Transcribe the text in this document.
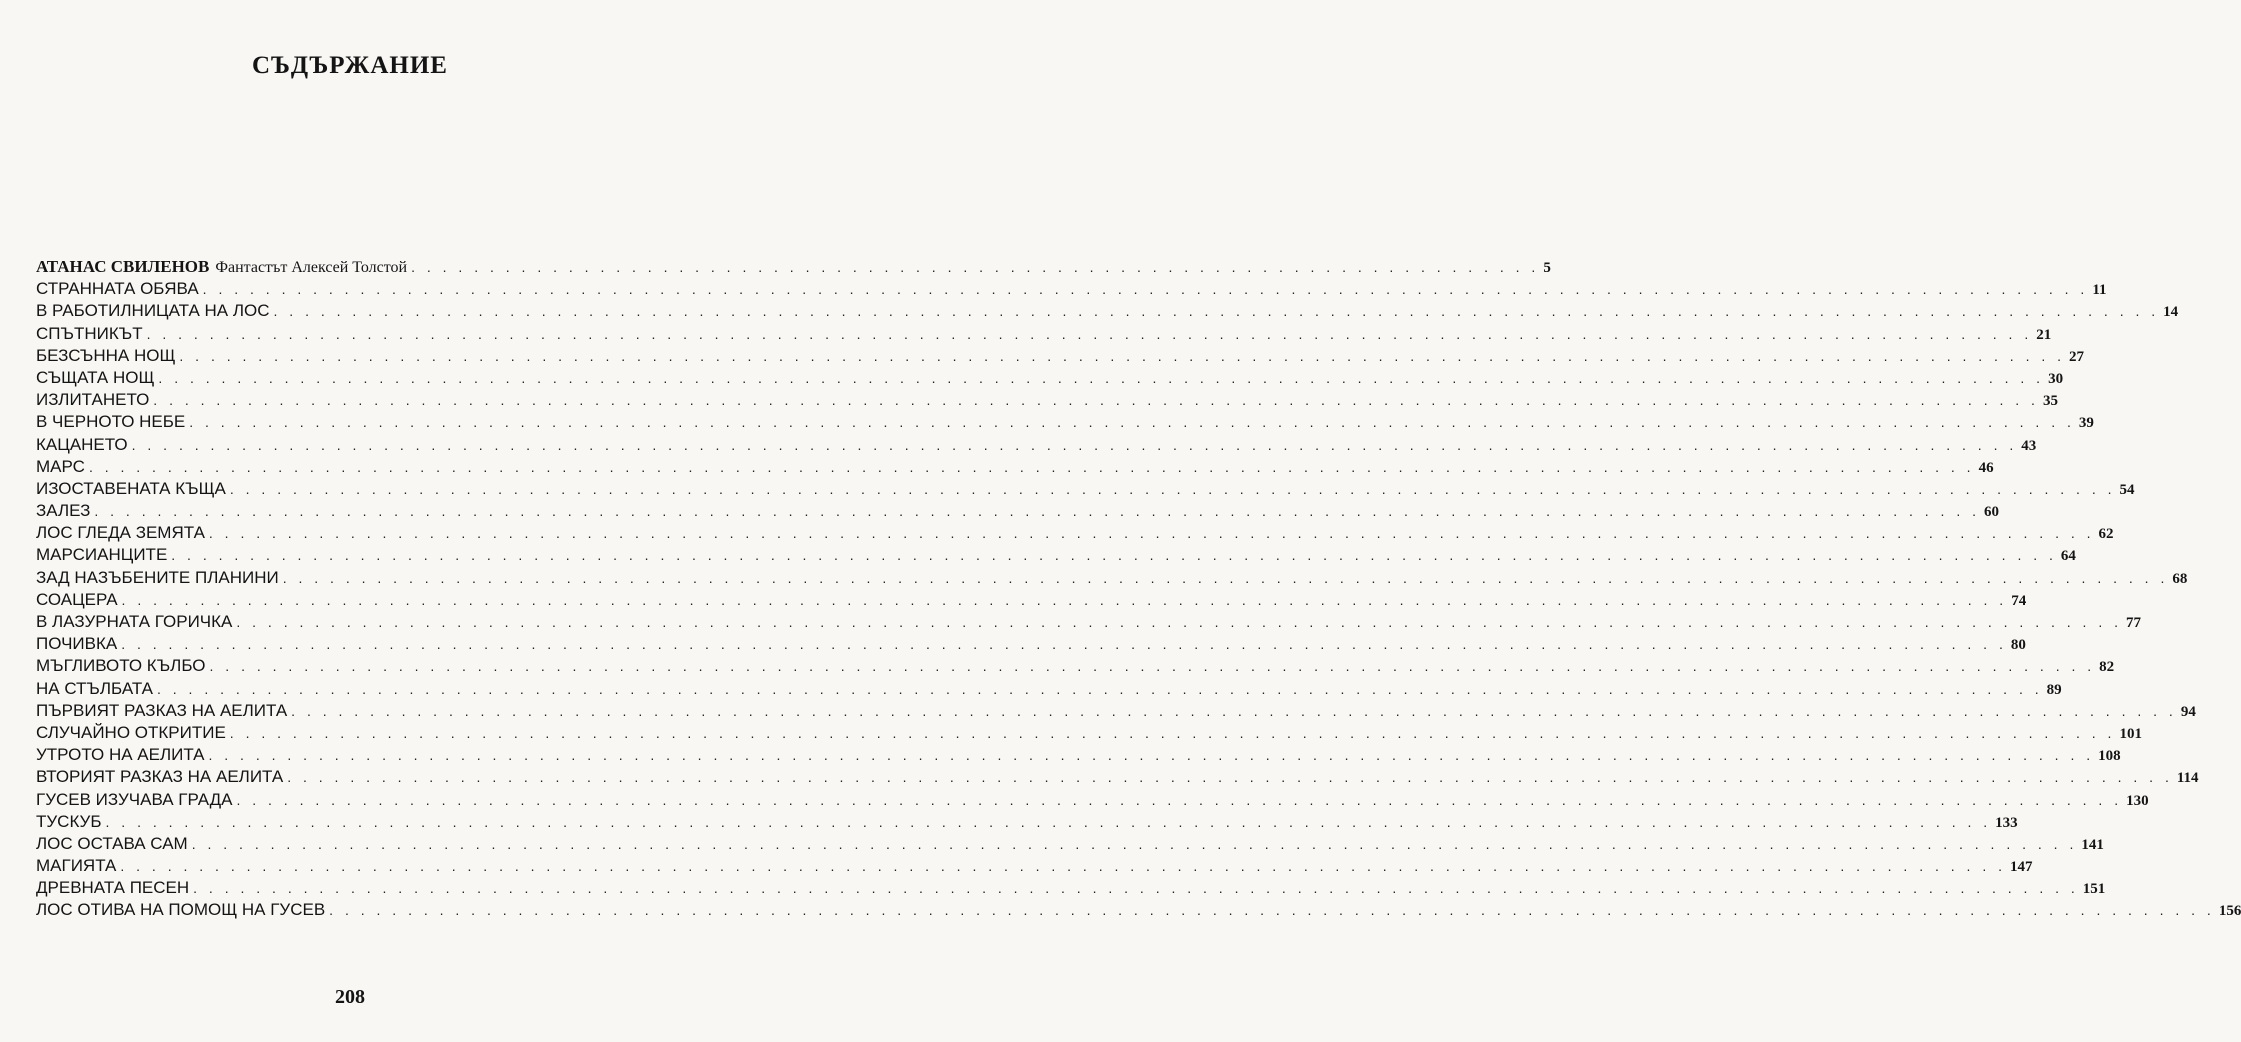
СЪДЪРЖАНИЕ
АТАНАС СВИЛЕНОВ Фантастът Алексей Толстой . . . . . . . . . . . . . . . . . . . . . . . . . . . . . . . . . . . . . . . . . . . . . . . . . . . . . . . . . . . . . . . . . . . . . . . . 5
СТРАННАТА ОБЯВА . . . . . . . . . . . . . . . . . . . . . . . . . . . . . . . . . . . . . . . . . . . . . . . . . . . . . . . . . . . . . . . . . . . . . . . . . . . . . . . . . . . . . . . . . . . . . . . . . . . . . . . . . . . . . . . . . . . . . . . . 11
В РАБОТИЛНИЦАТА НА ЛОС . . . . . . . . . . . . . . . . . . . . . . . . . . . . . . . . . . . . . . . . . . . . . . . . . . . . . . . . . . . . . . . . . . . . . . . . . . . . . . . . . . . . . . . . . . . . . . . . . . . . . . . . . . . . . . . . . . . . . . . . 14
СПЪТНИКЪТ . . . . . . . . . . . . . . . . . . . . . . . . . . . . . . . . . . . . . . . . . . . . . . . . . . . . . . . . . . . . . . . . . . . . . . . . . . . . . . . . . . . . . . . . . . . . . . . . . . . . . . . . . . . . . . . . . . . . . . . . 21
БЕЗСЪННА НОЩ . . . . . . . . . . . . . . . . . . . . . . . . . . . . . . . . . . . . . . . . . . . . . . . . . . . . . . . . . . . . . . . . . . . . . . . . . . . . . . . . . . . . . . . . . . . . . . . . . . . . . . . . . . . . . . . . . . . . . . . . 27
СЪЩАТА НОЩ . . . . . . . . . . . . . . . . . . . . . . . . . . . . . . . . . . . . . . . . . . . . . . . . . . . . . . . . . . . . . . . . . . . . . . . . . . . . . . . . . . . . . . . . . . . . . . . . . . . . . . . . . . . . . . . . . . . . . . . . 30
ИЗЛИТАНЕТО . . . . . . . . . . . . . . . . . . . . . . . . . . . . . . . . . . . . . . . . . . . . . . . . . . . . . . . . . . . . . . . . . . . . . . . . . . . . . . . . . . . . . . . . . . . . . . . . . . . . . . . . . . . . . . . . . . . . . . . . 35
В ЧЕРНОТО НЕБЕ . . . . . . . . . . . . . . . . . . . . . . . . . . . . . . . . . . . . . . . . . . . . . . . . . . . . . . . . . . . . . . . . . . . . . . . . . . . . . . . . . . . . . . . . . . . . . . . . . . . . . . . . . . . . . . . . . . . . . . . . 39
КАЦАНЕТО . . . . . . . . . . . . . . . . . . . . . . . . . . . . . . . . . . . . . . . . . . . . . . . . . . . . . . . . . . . . . . . . . . . . . . . . . . . . . . . . . . . . . . . . . . . . . . . . . . . . . . . . . . . . . . . . . . . . . . . . 43
МАРС . . . . . . . . . . . . . . . . . . . . . . . . . . . . . . . . . . . . . . . . . . . . . . . . . . . . . . . . . . . . . . . . . . . . . . . . . . . . . . . . . . . . . . . . . . . . . . . . . . . . . . . . . . . . . . . . . . . . . . . . 46
ИЗОСТАВЕНАТА КЪЩА . . . . . . . . . . . . . . . . . . . . . . . . . . . . . . . . . . . . . . . . . . . . . . . . . . . . . . . . . . . . . . . . . . . . . . . . . . . . . . . . . . . . . . . . . . . . . . . . . . . . . . . . . . . . . . . . . . . . . . . . 54
ЗАЛЕЗ . . . . . . . . . . . . . . . . . . . . . . . . . . . . . . . . . . . . . . . . . . . . . . . . . . . . . . . . . . . . . . . . . . . . . . . . . . . . . . . . . . . . . . . . . . . . . . . . . . . . . . . . . . . . . . . . . . . . . . . . 60
ЛОС ГЛЕДА ЗЕМЯТА . . . . . . . . . . . . . . . . . . . . . . . . . . . . . . . . . . . . . . . . . . . . . . . . . . . . . . . . . . . . . . . . . . . . . . . . . . . . . . . . . . . . . . . . . . . . . . . . . . . . . . . . . . . . . . . . . . . . . . . . 62
МАРСИАНЦИТЕ . . . . . . . . . . . . . . . . . . . . . . . . . . . . . . . . . . . . . . . . . . . . . . . . . . . . . . . . . . . . . . . . . . . . . . . . . . . . . . . . . . . . . . . . . . . . . . . . . . . . . . . . . . . . . . . . . . . . . . . . 64
ЗАД НАЗЪБЕНИТЕ ПЛАНИНИ . . . . . . . . . . . . . . . . . . . . . . . . . . . . . . . . . . . . . . . . . . . . . . . . . . . . . . . . . . . . . . . . . . . . . . . . . . . . . . . . . . . . . . . . . . . . . . . . . . . . . . . . . . . . . . . . . . . . . . . . 68
СОАЦЕРА . . . . . . . . . . . . . . . . . . . . . . . . . . . . . . . . . . . . . . . . . . . . . . . . . . . . . . . . . . . . . . . . . . . . . . . . . . . . . . . . . . . . . . . . . . . . . . . . . . . . . . . . . . . . . . . . . . . . . . . . 74
В ЛАЗУРНАТА ГОРИЧКА . . . . . . . . . . . . . . . . . . . . . . . . . . . . . . . . . . . . . . . . . . . . . . . . . . . . . . . . . . . . . . . . . . . . . . . . . . . . . . . . . . . . . . . . . . . . . . . . . . . . . . . . . . . . . . . . . . . . . . . . 77
ПОЧИВКА . . . . . . . . . . . . . . . . . . . . . . . . . . . . . . . . . . . . . . . . . . . . . . . . . . . . . . . . . . . . . . . . . . . . . . . . . . . . . . . . . . . . . . . . . . . . . . . . . . . . . . . . . . . . . . . . . . . . . . . . 80
МЪГЛИВОТО КЪЛБО . . . . . . . . . . . . . . . . . . . . . . . . . . . . . . . . . . . . . . . . . . . . . . . . . . . . . . . . . . . . . . . . . . . . . . . . . . . . . . . . . . . . . . . . . . . . . . . . . . . . . . . . . . . . . . . . . . . . . . . . 82
НА СТЪЛБАТА . . . . . . . . . . . . . . . . . . . . . . . . . . . . . . . . . . . . . . . . . . . . . . . . . . . . . . . . . . . . . . . . . . . . . . . . . . . . . . . . . . . . . . . . . . . . . . . . . . . . . . . . . . . . . . . . . . . . . . . . 89
ПЪРВИЯТ РАЗКАЗ НА АЕЛИТА . . . . . . . . . . . . . . . . . . . . . . . . . . . . . . . . . . . . . . . . . . . . . . . . . . . . . . . . . . . . . . . . . . . . . . . . . . . . . . . . . . . . . . . . . . . . . . . . . . . . . . . . . . . . . . . . . . . . . . . . 94
СЛУЧАЙНО ОТКРИТИЕ . . . . . . . . . . . . . . . . . . . . . . . . . . . . . . . . . . . . . . . . . . . . . . . . . . . . . . . . . . . . . . . . . . . . . . . . . . . . . . . . . . . . . . . . . . . . . . . . . . . . . . . . . . . . . . . . . . . . . . . . 101
УТРОТО НА АЕЛИТА . . . . . . . . . . . . . . . . . . . . . . . . . . . . . . . . . . . . . . . . . . . . . . . . . . . . . . . . . . . . . . . . . . . . . . . . . . . . . . . . . . . . . . . . . . . . . . . . . . . . . . . . . . . . . . . . . . . . . . . . 108
ВТОРИЯТ РАЗКАЗ НА АЕЛИТА . . . . . . . . . . . . . . . . . . . . . . . . . . . . . . . . . . . . . . . . . . . . . . . . . . . . . . . . . . . . . . . . . . . . . . . . . . . . . . . . . . . . . . . . . . . . . . . . . . . . . . . . . . . . . . . . . . . . . . . . 114
ГУСЕВ ИЗУЧАВА ГРАДА . . . . . . . . . . . . . . . . . . . . . . . . . . . . . . . . . . . . . . . . . . . . . . . . . . . . . . . . . . . . . . . . . . . . . . . . . . . . . . . . . . . . . . . . . . . . . . . . . . . . . . . . . . . . . . . . . . . . . . . . 130
ТУСКУБ . . . . . . . . . . . . . . . . . . . . . . . . . . . . . . . . . . . . . . . . . . . . . . . . . . . . . . . . . . . . . . . . . . . . . . . . . . . . . . . . . . . . . . . . . . . . . . . . . . . . . . . . . . . . . . . . . . . . . . . . 133
ЛОС ОСТАВА САМ . . . . . . . . . . . . . . . . . . . . . . . . . . . . . . . . . . . . . . . . . . . . . . . . . . . . . . . . . . . . . . . . . . . . . . . . . . . . . . . . . . . . . . . . . . . . . . . . . . . . . . . . . . . . . . . . . . . . . . . . 141
МАГИЯТА . . . . . . . . . . . . . . . . . . . . . . . . . . . . . . . . . . . . . . . . . . . . . . . . . . . . . . . . . . . . . . . . . . . . . . . . . . . . . . . . . . . . . . . . . . . . . . . . . . . . . . . . . . . . . . . . . . . . . . . . 147
ДРЕВНАТА ПЕСЕН . . . . . . . . . . . . . . . . . . . . . . . . . . . . . . . . . . . . . . . . . . . . . . . . . . . . . . . . . . . . . . . . . . . . . . . . . . . . . . . . . . . . . . . . . . . . . . . . . . . . . . . . . . . . . . . . . . . . . . . . 151
ЛОС ОТИВА НА ПОМОЩ НА ГУСЕВ . . . . . . . . . . . . . . . . . . . . . . . . . . . . . . . . . . . . . . . . . . . . . . . . . . . . . . . . . . . . . . . . . . . . . . . . . . . . . . . . . . . . . . . . . . . . . . . . . . . . . . . . . . . . . . . . . . . . . . . . 156
208
